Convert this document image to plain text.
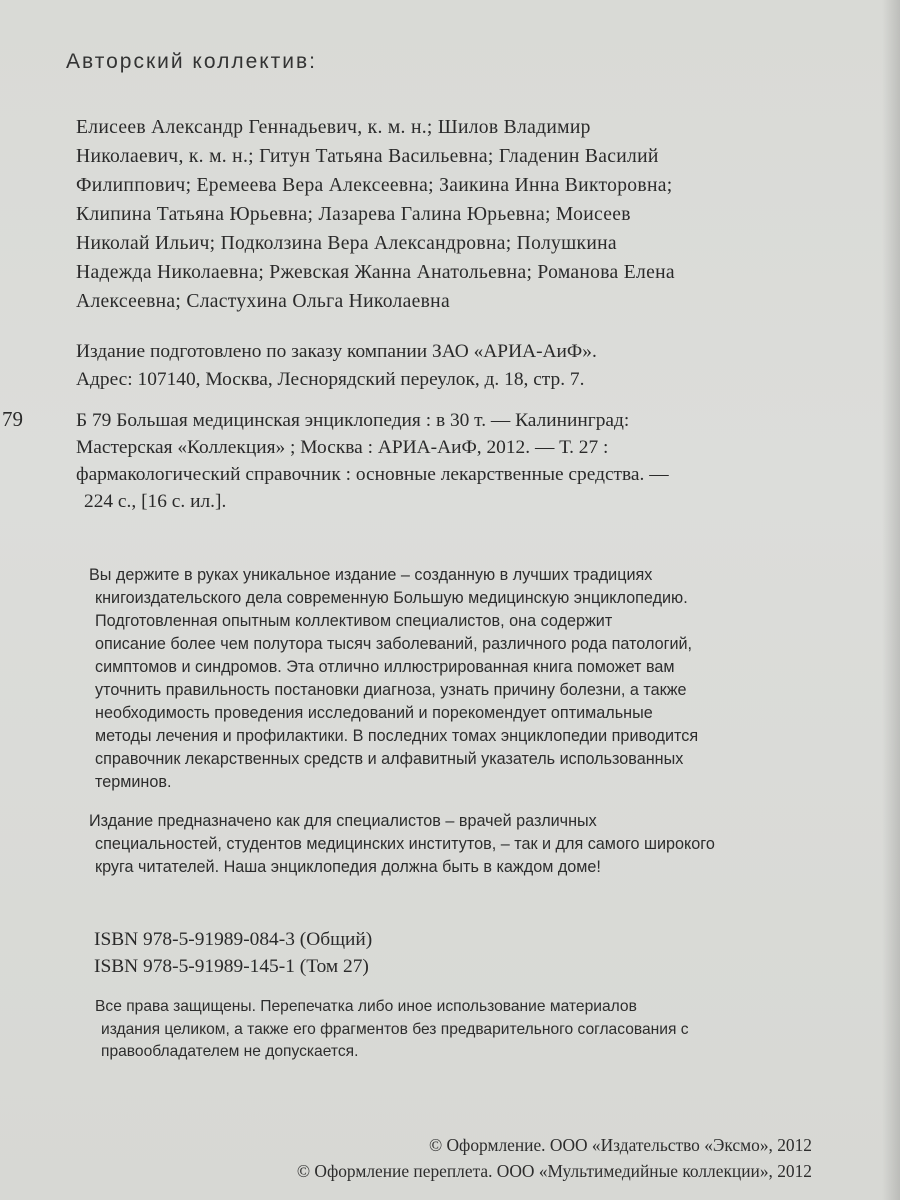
Авторский коллектив:

Елисеев Александр Геннадьевич, к. м. н.; Шилов Владимир

Николаевич, к. м. н.; Гитун Татьяна Васильевна; Гладенин Василий

Филиппович; Еремеева Вера Алексеевна; Заикина Инна Викторовна;

Клипина Татьяна Юрьевна; Лазарева Галина Юрьевна; Моисеев

Николай Ильич; Подколзина Вера Александровна; Полушкина

Надежда Николаевна; Ржевская Жанна Анатольевна; Романова Елена

Алексеевна; Сластухина Ольга Николаевна

Издание подготовлено по заказу компании ЗАО «АРИА-АиФ».

Адрес: 107140, Москва, Леснорядский переулок, д. 18, стр. 7.

79	Б 79 Большая медицинская энциклопедия : в 30 т. — Калининград:

Мастерская «Коллекция» ; Москва : АРИА-АиФ, 2012. — Т. 27 :

фармакологический справочник : основные лекарственные средства. —

224 с., [16 с. ил.].

Вы держите в руках уникальное издание – созданную в лучших традициях

книгоиздательского дела современную Большую медицинскую энциклопедию.

Подготовленная опытным коллективом специалистов, она содержит

описание более чем полутора тысяч заболеваний, различного рода патологий,

симптомов и синдромов. Эта отлично иллюстрированная книга поможет вам

уточнить правильность постановки диагноза, узнать причину болезни, а также

необходимость проведения исследований и порекомендует оптимальные

методы лечения и профилактики. В последних томах энциклопедии приводится

справочник лекарственных средств и алфавитный указатель использованных

терминов.

Издание предназначено как для специалистов – врачей различных

специальностей, студентов медицинских институтов, – так и для самого широкого

круга читателей. Наша энциклопедия должна быть в каждом доме!

ISBN 978-5-91989-084-3 (Общий)

ISBN 978-5-91989-145-1 (Том 27)

Все права защищены. Перепечатка либо иное использование материалов

издания целиком, а также его фрагментов без предварительного согласования с

правообладателем не допускается.

© Оформление. ООО «Издательство «Эксмо», 2012

© Оформление переплета. ООО «Мультимедийные коллекции», 2012
